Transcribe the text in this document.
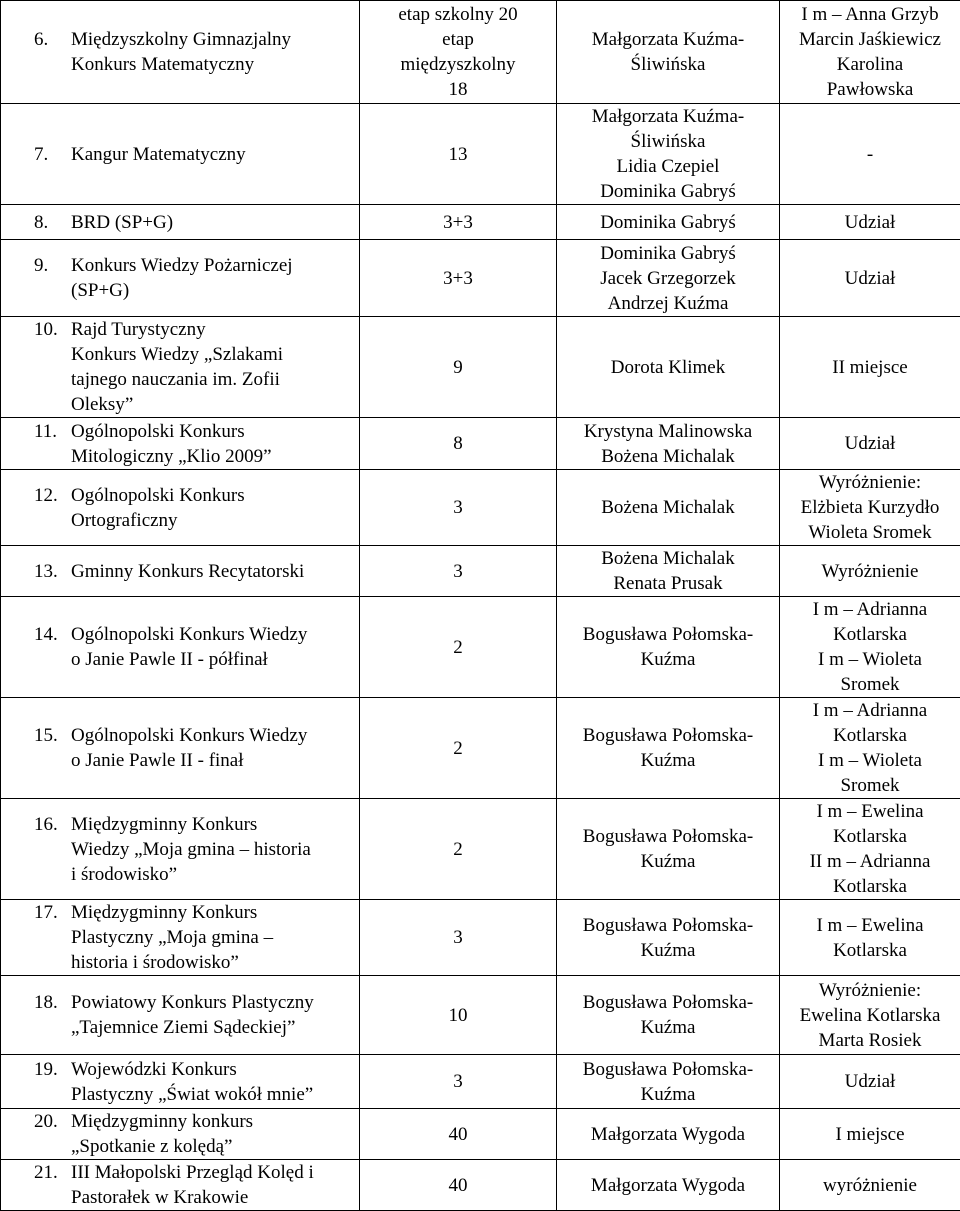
6. Międzyszkolny Gimnazjalny
Konkurs Matematyczny	etap szkolny 20
etap
międzyszkolny
18	Małgorzata Kuźma-
Śliwińska	I m – Anna Grzyb
Marcin Jaśkiewicz
Karolina
Pawłowska

7. Kangur Matematyczny	13	Małgorzata Kuźma-
Śliwińska
Lidia Czepiel
Dominika Gabryś	-

8. BRD (SP+G)	3+3	Dominika Gabryś	Udział

9. Konkurs Wiedzy Pożarniczej
(SP+G)	3+3	Dominika Gabryś
Jacek Grzegorzek
Andrzej Kuźma	Udział

10. Rajd Turystyczny
Konkurs Wiedzy „Szlakami
tajnego nauczania im. Zofii
Oleksy”	9	Dorota Klimek	II miejsce

11. Ogólnopolski Konkurs
Mitologiczny „Klio 2009”	8	Krystyna Malinowska
Bożena Michalak	Udział

12. Ogólnopolski Konkurs
Ortograficzny	3	Bożena Michalak	Wyróżnienie:
Elżbieta Kurzydło
Wioleta Sromek

13. Gminny Konkurs Recytatorski	3	Bożena Michalak
Renata Prusak	Wyróżnienie

14. Ogólnopolski Konkurs Wiedzy
o Janie Pawle II - półfinał	2	Bogusława Połomska-
Kuźma	I m – Adrianna
Kotlarska
I m – Wioleta
Sromek

15. Ogólnopolski Konkurs Wiedzy
o Janie Pawle II - finał	2	Bogusława Połomska-
Kuźma	I m – Adrianna
Kotlarska
I m – Wioleta
Sromek

16. Międzygminny Konkurs
Wiedzy „Moja gmina – historia
i środowisko”	2	Bogusława Połomska-
Kuźma	I m – Ewelina
Kotlarska
II m – Adrianna
Kotlarska

17. Międzygminny Konkurs
Plastyczny „Moja gmina –
historia i środowisko”	3	Bogusława Połomska-
Kuźma	I m – Ewelina
Kotlarska

18. Powiatowy Konkurs Plastyczny
„Tajemnice Ziemi Sądeckiej”	10	Bogusława Połomska-
Kuźma	Wyróżnienie:
Ewelina Kotlarska
Marta Rosiek

19. Wojewódzki Konkurs
Plastyczny „Świat wokół mnie”	3	Bogusława Połomska-
Kuźma	Udział

20. Międzygminny konkurs
„Spotkanie z kolędą”	40	Małgorzata Wygoda	I miejsce

21. III Małopolski Przegląd Kolęd i
Pastorałek w Krakowie	40	Małgorzata Wygoda	wyróżnienie
